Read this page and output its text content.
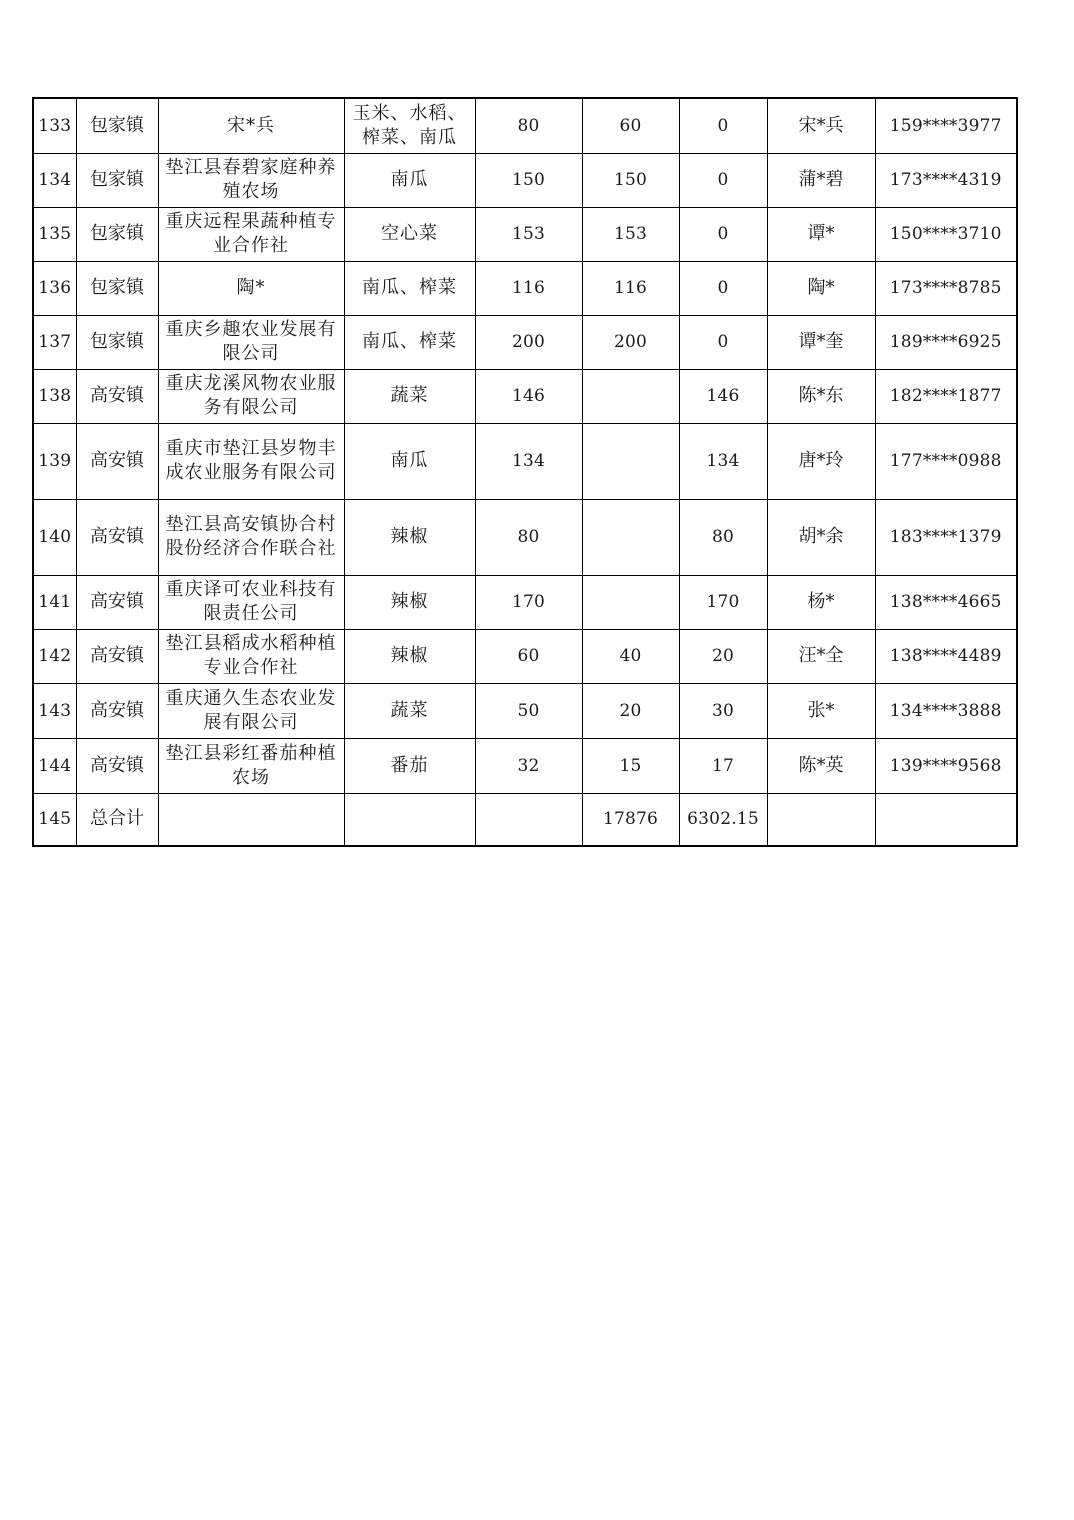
133	包家镇	宋*兵	玉米、水稻、榨菜、南瓜	80	60	0	宋*兵	159****3977
134	包家镇	垫江县春碧家庭种养殖农场	南瓜	150	150	0	蒲*碧	173****4319
135	包家镇	重庆远程果蔬种植专业合作社	空心菜	153	153	0	谭*	150****3710
136	包家镇	陶*	南瓜、榨菜	116	116	0	陶*	173****8785
137	包家镇	重庆乡趣农业发展有限公司	南瓜、榨菜	200	200	0	谭*奎	189****6925
138	高安镇	重庆龙溪风物农业服务有限公司	蔬菜	146		146	陈*东	182****1877
139	高安镇	重庆市垫江县岁物丰成农业服务有限公司	南瓜	134		134	唐*玲	177****0988
140	高安镇	垫江县高安镇协合村股份经济合作联合社	辣椒	80		80	胡*余	183****1379
141	高安镇	重庆译可农业科技有限责任公司	辣椒	170		170	杨*	138****4665
142	高安镇	垫江县稻成水稻种植专业合作社	辣椒	60	40	20	汪*全	138****4489
143	高安镇	重庆通久生态农业发展有限公司	蔬菜	50	20	30	张*	134****3888
144	高安镇	垫江县彩红番茄种植农场	番茄	32	15	17	陈*英	139****9568
145	总合计				17876	6302.15		
